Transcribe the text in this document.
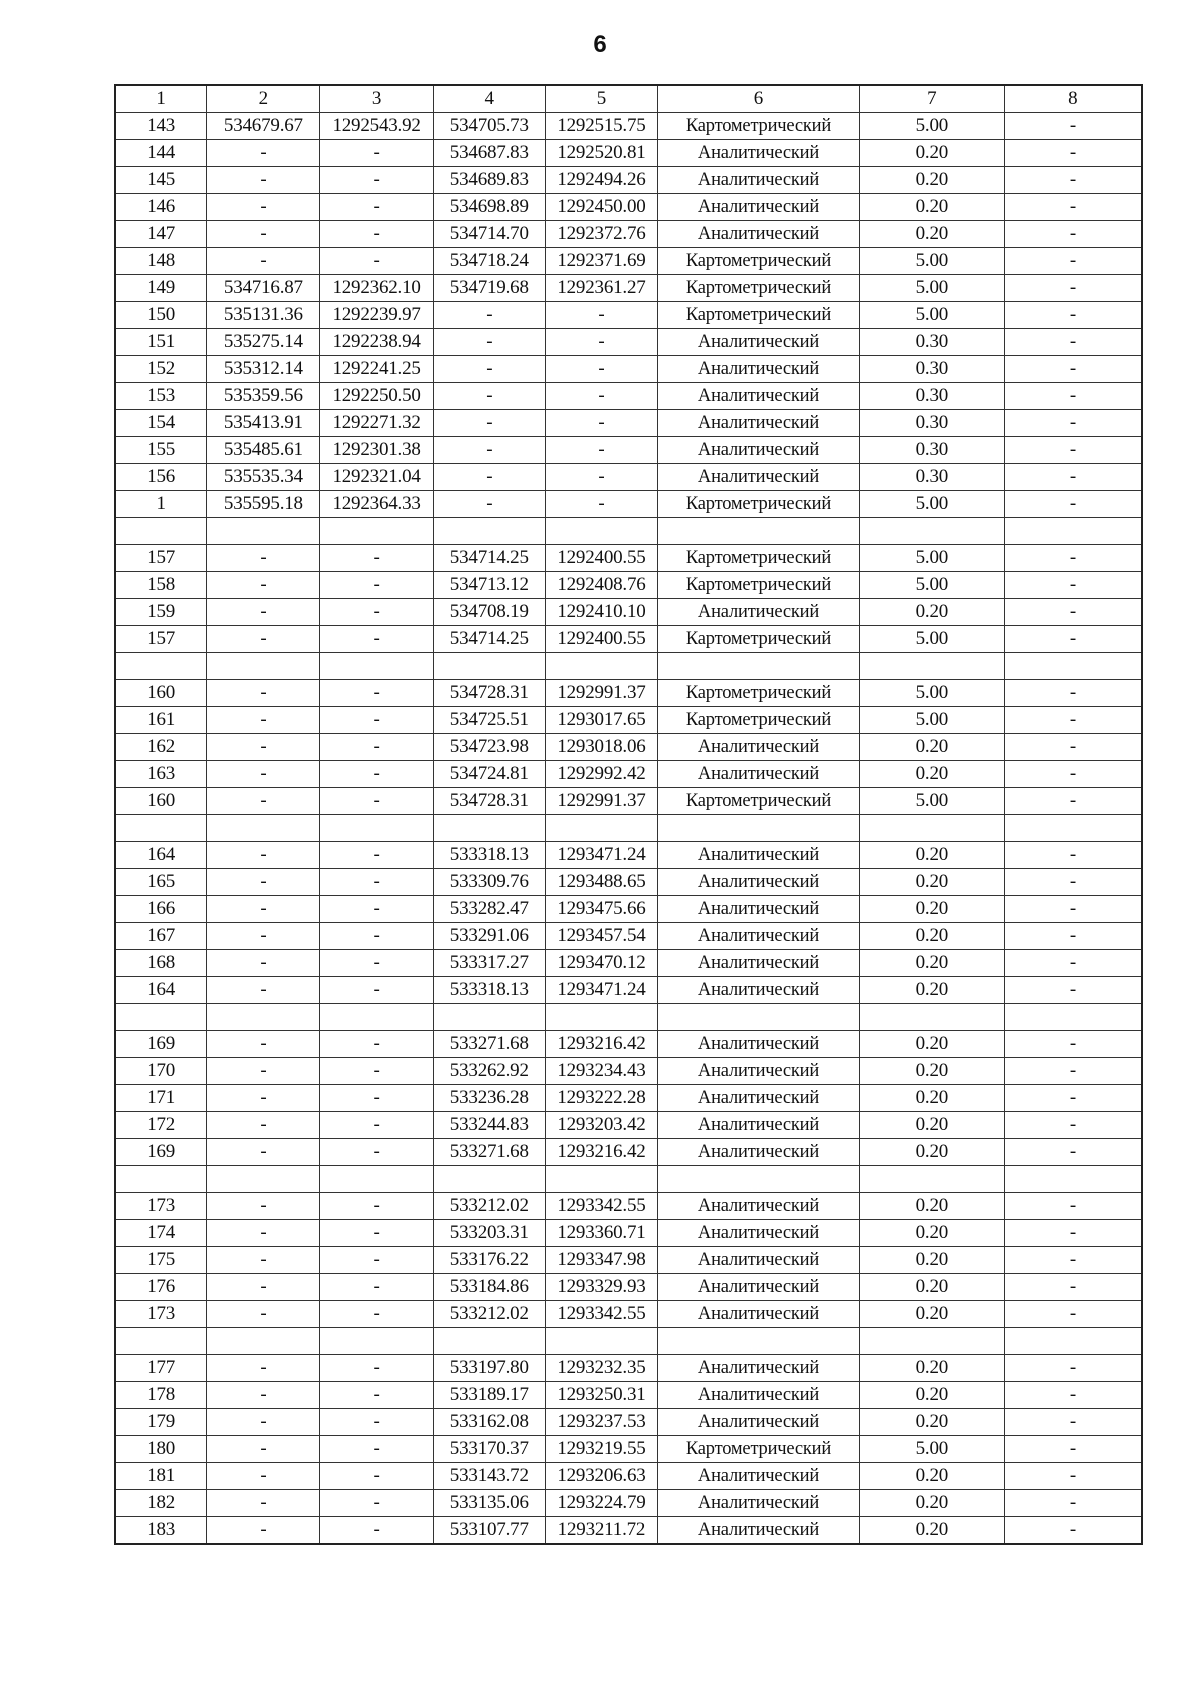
6
1	2	3	4	5	6	7	8
143	534679.67	1292543.92	534705.73	1292515.75	Картометрический	5.00	-
144	-	-	534687.83	1292520.81	Аналитический	0.20	-
145	-	-	534689.83	1292494.26	Аналитический	0.20	-
146	-	-	534698.89	1292450.00	Аналитический	0.20	-
147	-	-	534714.70	1292372.76	Аналитический	0.20	-
148	-	-	534718.24	1292371.69	Картометрический	5.00	-
149	534716.87	1292362.10	534719.68	1292361.27	Картометрический	5.00	-
150	535131.36	1292239.97	-	-	Картометрический	5.00	-
151	535275.14	1292238.94	-	-	Аналитический	0.30	-
152	535312.14	1292241.25	-	-	Аналитический	0.30	-
153	535359.56	1292250.50	-	-	Аналитический	0.30	-
154	535413.91	1292271.32	-	-	Аналитический	0.30	-
155	535485.61	1292301.38	-	-	Аналитический	0.30	-
156	535535.34	1292321.04	-	-	Аналитический	0.30	-
1	535595.18	1292364.33	-	-	Картометрический	5.00	-

157	-	-	534714.25	1292400.55	Картометрический	5.00	-
158	-	-	534713.12	1292408.76	Картометрический	5.00	-
159	-	-	534708.19	1292410.10	Аналитический	0.20	-
157	-	-	534714.25	1292400.55	Картометрический	5.00	-

160	-	-	534728.31	1292991.37	Картометрический	5.00	-
161	-	-	534725.51	1293017.65	Картометрический	5.00	-
162	-	-	534723.98	1293018.06	Аналитический	0.20	-
163	-	-	534724.81	1292992.42	Аналитический	0.20	-
160	-	-	534728.31	1292991.37	Картометрический	5.00	-

164	-	-	533318.13	1293471.24	Аналитический	0.20	-
165	-	-	533309.76	1293488.65	Аналитический	0.20	-
166	-	-	533282.47	1293475.66	Аналитический	0.20	-
167	-	-	533291.06	1293457.54	Аналитический	0.20	-
168	-	-	533317.27	1293470.12	Аналитический	0.20	-
164	-	-	533318.13	1293471.24	Аналитический	0.20	-

169	-	-	533271.68	1293216.42	Аналитический	0.20	-
170	-	-	533262.92	1293234.43	Аналитический	0.20	-
171	-	-	533236.28	1293222.28	Аналитический	0.20	-
172	-	-	533244.83	1293203.42	Аналитический	0.20	-
169	-	-	533271.68	1293216.42	Аналитический	0.20	-

173	-	-	533212.02	1293342.55	Аналитический	0.20	-
174	-	-	533203.31	1293360.71	Аналитический	0.20	-
175	-	-	533176.22	1293347.98	Аналитический	0.20	-
176	-	-	533184.86	1293329.93	Аналитический	0.20	-
173	-	-	533212.02	1293342.55	Аналитический	0.20	-

177	-	-	533197.80	1293232.35	Аналитический	0.20	-
178	-	-	533189.17	1293250.31	Аналитический	0.20	-
179	-	-	533162.08	1293237.53	Аналитический	0.20	-
180	-	-	533170.37	1293219.55	Картометрический	5.00	-
181	-	-	533143.72	1293206.63	Аналитический	0.20	-
182	-	-	533135.06	1293224.79	Аналитический	0.20	-
183	-	-	533107.77	1293211.72	Аналитический	0.20	-
